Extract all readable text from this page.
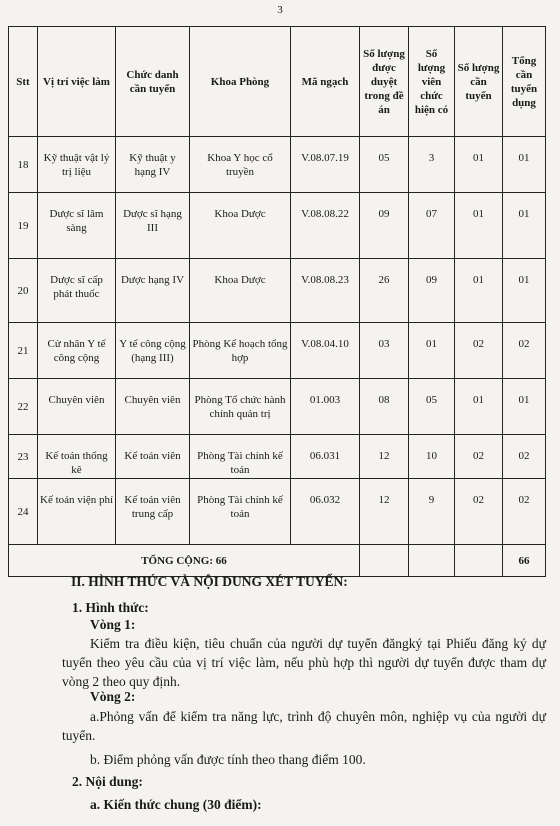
3
Stt	Vị trí việc làm	Chức danh cần tuyển	Khoa Phòng	Mã ngạch	Số lượng được duyệt trong đề án	Số lượng viên chức hiện có	Số lượng cần tuyển	Tổng cần tuyển dụng
18	Kỹ thuật vật lý trị liệu	Kỹ thuật y hạng IV	Khoa Y học cổ truyền	V.08.07.19	05	3	01	01
19	Dược sĩ lâm sàng	Dược sĩ hạng III	Khoa Dược	V.08.08.22	09	07	01	01
20	Dược sĩ cấp phát thuốc	Dược hạng IV	Khoa Dược	V.08.08.23	26	09	01	01
21	Cử nhân Y tế công cộng	Y tế công cộng (hạng III)	Phòng Kế hoạch tổng hợp	V.08.04.10	03	01	02	02
22	Chuyên viên	Chuyên viên	Phòng Tổ chức hành chính quản trị	01.003	08	05	01	01
23	Kế toán thống kê	Kế toán viên	Phòng Tài chính kế toán	06.031	12	10	02	02
24	Kế toán viện phí	Kế toán viên trung cấp	Phòng Tài chính kế toán	06.032	12	9	02	02
TỔNG CỘNG: 66								66
II. HÌNH THỨC VÀ NỘI DUNG XÉT TUYỂN:
1. Hình thức:
Vòng 1:
Kiểm tra điều kiện, tiêu chuẩn của người dự tuyển đăngký tại Phiếu đăng ký dự tuyển theo yêu cầu của vị trí việc làm, nếu phù hợp thì người dự tuyển được tham dự vòng 2 theo quy định.
Vòng 2:
a.Phỏng vấn để kiểm tra năng lực, trình độ chuyên môn, nghiệp vụ của người dự tuyển.
b. Điểm phỏng vấn được tính theo thang điểm 100.
2. Nội dung:
a. Kiến thức chung (30 điểm):
